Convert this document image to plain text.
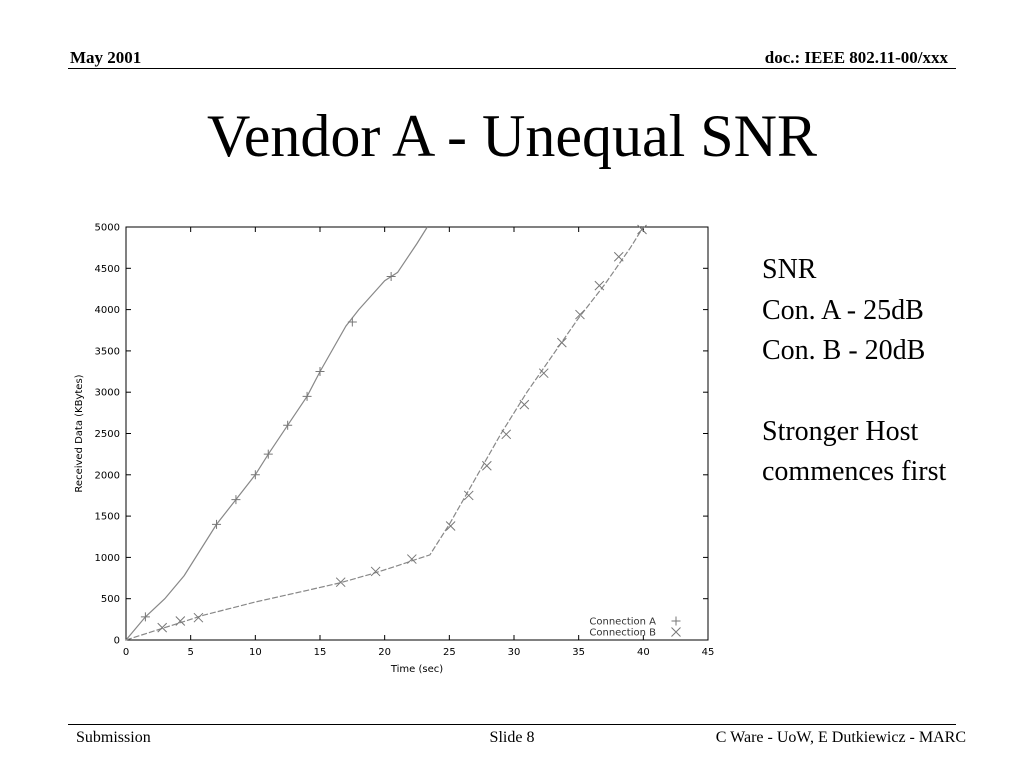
May 2001	doc.: IEEE 802.11-00/xxx
Vendor A - Unequal SNR
0	5	10	15	20	25	30	35	40	45
0
500
1000
1500
2000
2500
3000
3500
4000
4500
5000
Time (sec)
Received Data (KBytes)
Connection A
Connection B
SNR
Con. A - 25dB
Con. B - 20dB
Stronger Host
commences first
Submission	Slide 8	C Ware - UoW, E Dutkiewicz - MARC
